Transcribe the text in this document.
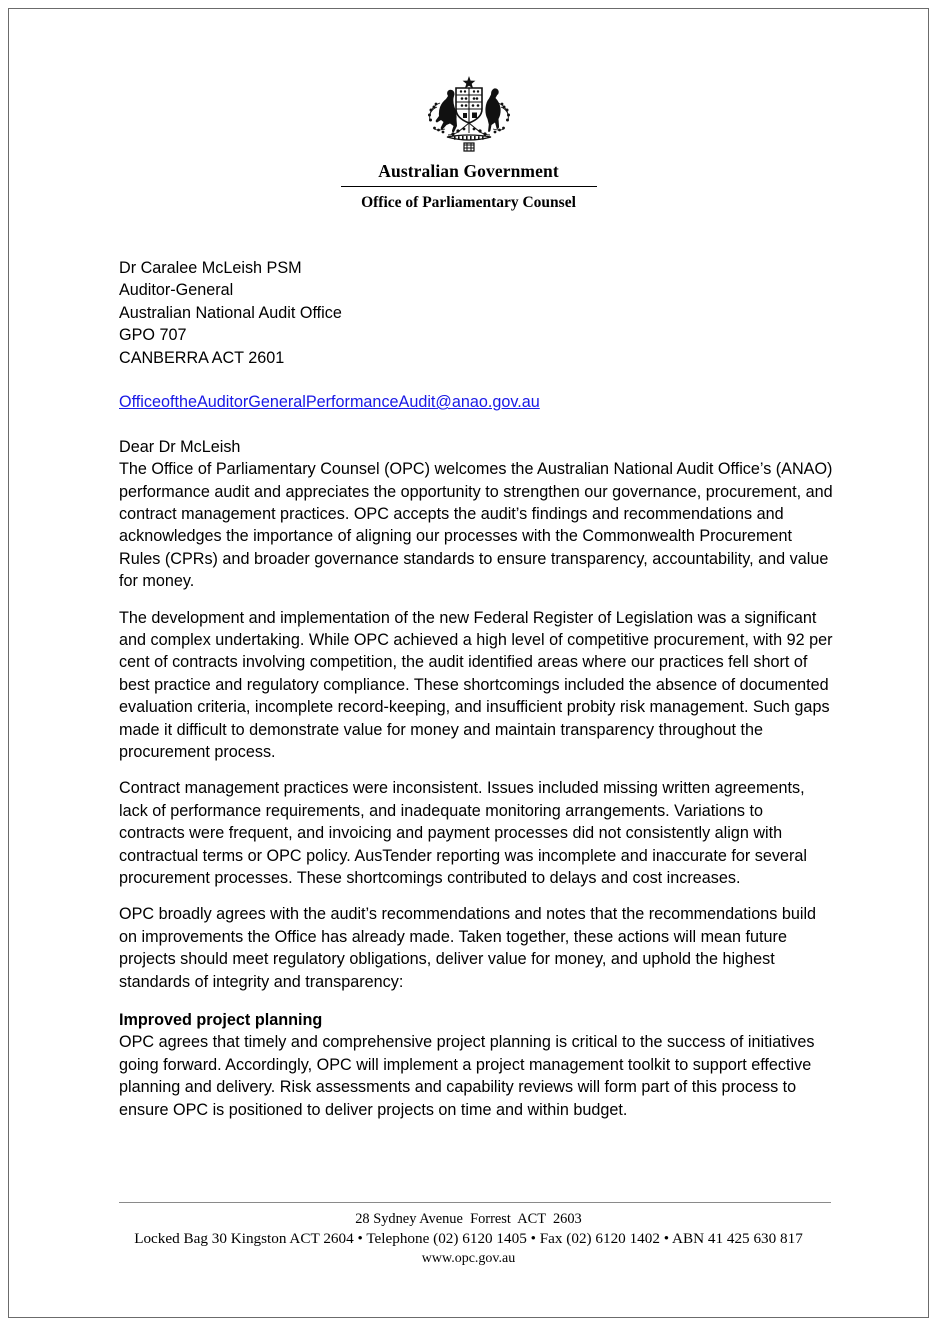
Australian Government
Office of Parliamentary Counsel
Dr Caralee McLeish PSM
Auditor-General
Australian National Audit Office
GPO 707
CANBERRA ACT 2601
OfficeoftheAuditorGeneralPerformanceAudit@anao.gov.au
Dear Dr McLeish

The Office of Parliamentary Counsel (OPC) welcomes the Australian National Audit Office’s (ANAO) performance audit and appreciates the opportunity to strengthen our governance, procurement, and contract management practices. OPC accepts the audit’s findings and recommendations and acknowledges the importance of aligning our processes with the Commonwealth Procurement Rules (CPRs) and broader governance standards to ensure transparency, accountability, and value for money.

The development and implementation of the new Federal Register of Legislation was a significant and complex undertaking. While OPC achieved a high level of competitive procurement, with 92 per cent of contracts involving competition, the audit identified areas where our practices fell short of best practice and regulatory compliance. These shortcomings included the absence of documented evaluation criteria, incomplete record-keeping, and insufficient probity risk management. Such gaps made it difficult to demonstrate value for money and maintain transparency throughout the procurement process.

Contract management practices were inconsistent. Issues included missing written agreements, lack of performance requirements, and inadequate monitoring arrangements. Variations to contracts were frequent, and invoicing and payment processes did not consistently align with contractual terms or OPC policy. AusTender reporting was incomplete and inaccurate for several procurement processes. These shortcomings contributed to delays and cost increases.

OPC broadly agrees with the audit’s recommendations and notes that the recommendations build on improvements the Office has already made. Taken together, these actions will mean future projects should meet regulatory obligations, deliver value for money, and uphold the highest standards of integrity and transparency:

Improved project planning

OPC agrees that timely and comprehensive project planning is critical to the success of initiatives going forward. Accordingly, OPC will implement a project management toolkit to support effective planning and delivery. Risk assessments and capability reviews will form part of this process to ensure OPC is positioned to deliver projects on time and within budget.

28 Sydney Avenue  Forrest  ACT  2603
Locked Bag 30 Kingston ACT 2604 • Telephone (02) 6120 1405 • Fax (02) 6120 1402 • ABN 41 425 630 817
www.opc.gov.au
